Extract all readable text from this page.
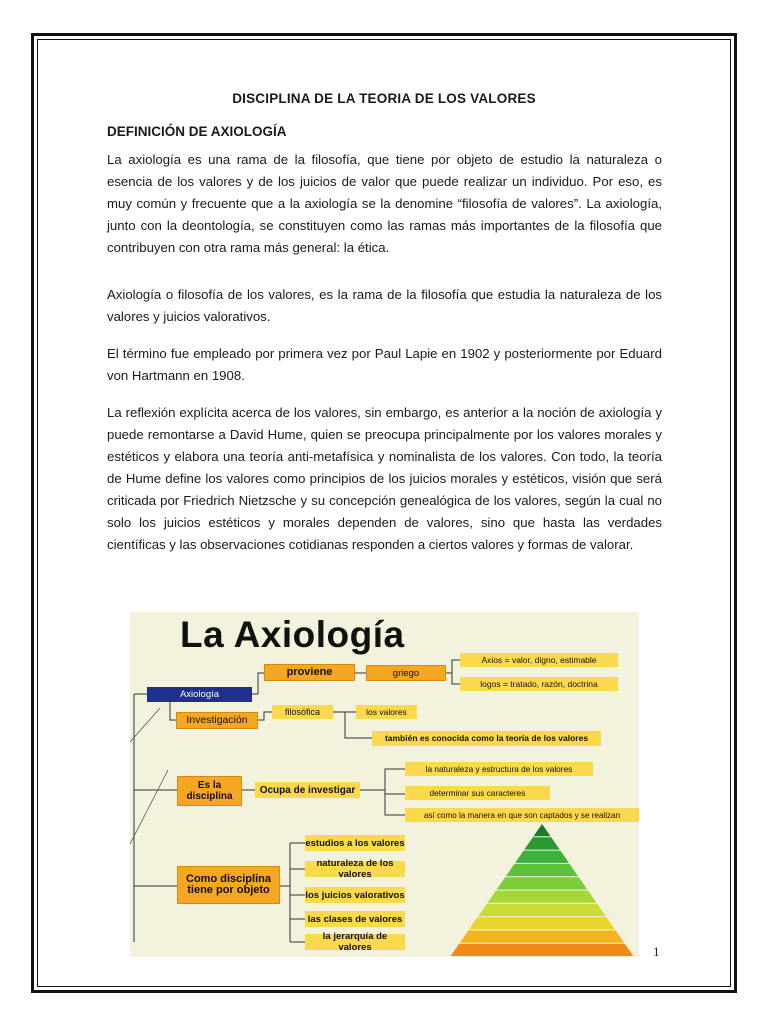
DISCIPLINA DE LA TEORIA DE LOS VALORES
DEFINICIÓN DE AXIOLOGÍA
La axiología es una rama de la filosofía, que tiene por objeto de estudio la naturaleza o esencia de los valores y de los juicios de valor que puede realizar un individuo. Por eso, es muy común y frecuente que a la axiología se la denomine “filosofía de valores”. La axiología, junto con la deontología, se constituyen como las ramas más importantes de la filosofía que contribuyen con otra rama más general: la ética.
Axiología o filosofía de los valores, es la rama de la filosofía que estudia la naturaleza de los valores y juicios valorativos.
El término fue empleado por primera vez por Paul Lapie en 1902 y posteriormente por Eduard von Hartmann en 1908.
La reflexión explícita acerca de los valores, sin embargo, es anterior a la noción de axiología y puede remontarse a David Hume, quien se preocupa principalmente por los valores morales y estéticos y elabora una teoría anti-metafísica y nominalista de los valores. Con todo, la teoría de Hume define los valores como principios de los juicios morales y estéticos, visión que será criticada por Friedrich Nietzsche y su concepción genealógica de los valores, según la cual no solo los juicios estéticos y morales dependen de valores, sino que hasta las verdades científicas y las observaciones cotidianas responden a ciertos valores y formas de valorar.
La Axiología
Axiología
proviene	griego
Axios = valor, digno, estimable
logos = tratado, razón, doctrina
Investigación
filosófica	los valores
también es conocida como la teoría de los valores
Es la disciplina
Ocupa de investigar
la naturaleza y estructura de los valores
determinar sus caracteres
así como la manera en que son captados y se realizan
Como disciplina tiene por objeto
estudios a los valores
naturaleza de los valores
los juicios valorativos
las clases de valores
la jerarquía de valores	1
